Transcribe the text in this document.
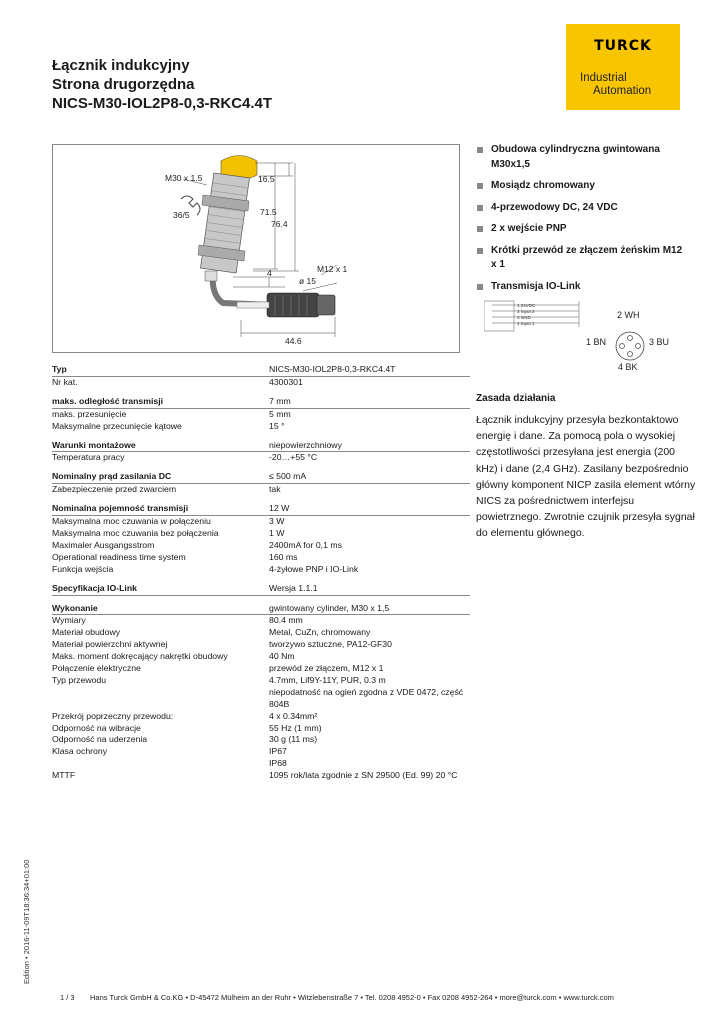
Łącznik indukcyjny
Strona drugorzędna
NICS-M30-IOL2P8-0,3-RKC4.4T
TURCK
Industrial
Automation
M30 x 1.5
36/5
16.5
71.5
76.4
4	M12 x 1
ø 15
44.6
Obudowa cylindryczna gwintowana M30x1,5
Mosiądz chromowany
4-przewodowy DC, 24 VDC
2 x wejście PNP
Krótki przewód ze złączem żeńskim M12 x 1
Transmisja IO-Link
1 24VDC
2 Input 2
3 GND
4 Input 1
2 WH
1 BN	3 BU
4 BK
Zasada działania

Łącznik indukcyjny przesyła bezkontaktowo energię i dane. Za pomocą pola o wysokiej częstotliwości przesyłana jest energia (200 kHz) i dane (2,4 GHz). Zasilany bezpośrednio główny komponent NICP zasila element wtórny NICS za pośrednictwem interfejsu powietrznego. Zwrotnie czujnik przesyła sygnał do elementu głównego.

Typ	NICS-M30-IOL2P8-0,3-RKC4.4T
Nr kat.	4300301
maks. odległość transmisji	7 mm
maks. przesunięcie	5 mm
Maksymalne przecunięcie kątowe	15 °
Warunki montażowe	niepowierzchniowy
Temperatura pracy	-20…+55 °C
Nominalny prąd zasilania DC	≤ 500 mA
Zabezpieczenie przed zwarciem	tak
Nominalna pojemność transmisji	12 W
Maksymalna moc czuwania w połączeniu	3 W
Maksymalna moc czuwania bez połączenia	1 W
Maximaler Ausgangsstrom	2400mA for 0,1 ms
Operational readiness time system	160 ms
Funkcja wejścia	4-żyłowe PNP i IO-Link
Specyfikacja IO-Link	Wersja 1.1.1
Wykonanie	gwintowany cylinder, M30 x 1,5
Wymiary	80.4 mm
Materiał obudowy	Metal, CuZn, chromowany
Materiał powierzchni aktywnej	tworzywo sztuczne, PA12-GF30
Maks. moment dokręcający nakrętki obudowy	40 Nm
Połączenie elektryczne	przewód ze złączem, M12 x 1
Typ przewodu	4.7mm, Lif9Y-11Y, PUR, 0.3 m
niepodatność na ogień zgodna z VDE 0472, część
804B
Przekrój poprzeczny przewodu:	4 x 0.34mm²
Odporność na wibracje	55 Hz (1 mm)
Odporność na uderzenia	30 g (11 ms)
Klasa ochrony	IP67
IP68
MTTF	1095 rok/lata zgodnie z SN 29500 (Ed. 99) 20 °C
Edition • 2016-11-09T18:36:34+01:00
1 / 3 Hans Turck GmbH & Co.KG • D-45472 Mülheim an der Ruhr • Witzlebenstraße 7 • Tel. 0208 4952-0 • Fax 0208 4952-264 • more@turck.com • www.turck.com
